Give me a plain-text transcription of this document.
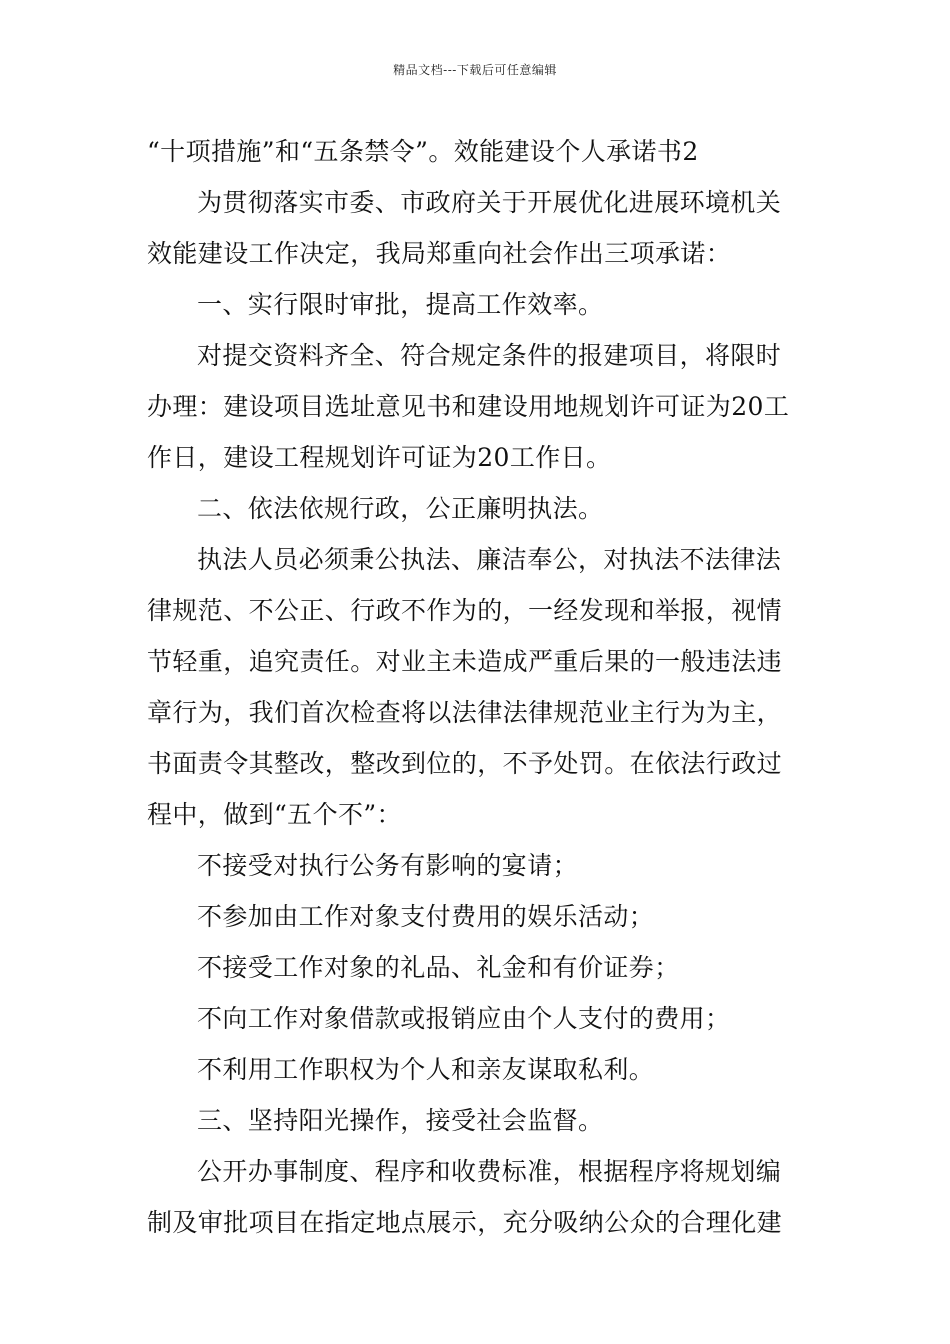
精品文档---下载后可任意编辑
“十项措施”和“五条禁令”。效能建设个人承诺书2
为贯彻落实市委、市政府关于开展优化进展环境机关
效能建设工作决定，我局郑重向社会作出三项承诺：
一、实行限时审批，提高工作效率。
对提交资料齐全、符合规定条件的报建项目，将限时
办理：建设项目选址意见书和建设用地规划许可证为20工
作日，建设工程规划许可证为20工作日。
二、依法依规行政，公正廉明执法。
执法人员必须秉公执法、廉洁奉公，对执法不法律法
律规范、不公正、行政不作为的，一经发现和举报，视情
节轻重，追究责任。对业主未造成严重后果的一般违法违
章行为，我们首次检查将以法律法律规范业主行为为主，
书面责令其整改，整改到位的，不予处罚。在依法行政过
程中，做到“五个不”：
不接受对执行公务有影响的宴请；
不参加由工作对象支付费用的娱乐活动；
不接受工作对象的礼品、礼金和有价证券；
不向工作对象借款或报销应由个人支付的费用；
不利用工作职权为个人和亲友谋取私利。
三、坚持阳光操作，接受社会监督。
公开办事制度、程序和收费标准，根据程序将规划编
制及审批项目在指定地点展示，充分吸纳公众的合理化建
